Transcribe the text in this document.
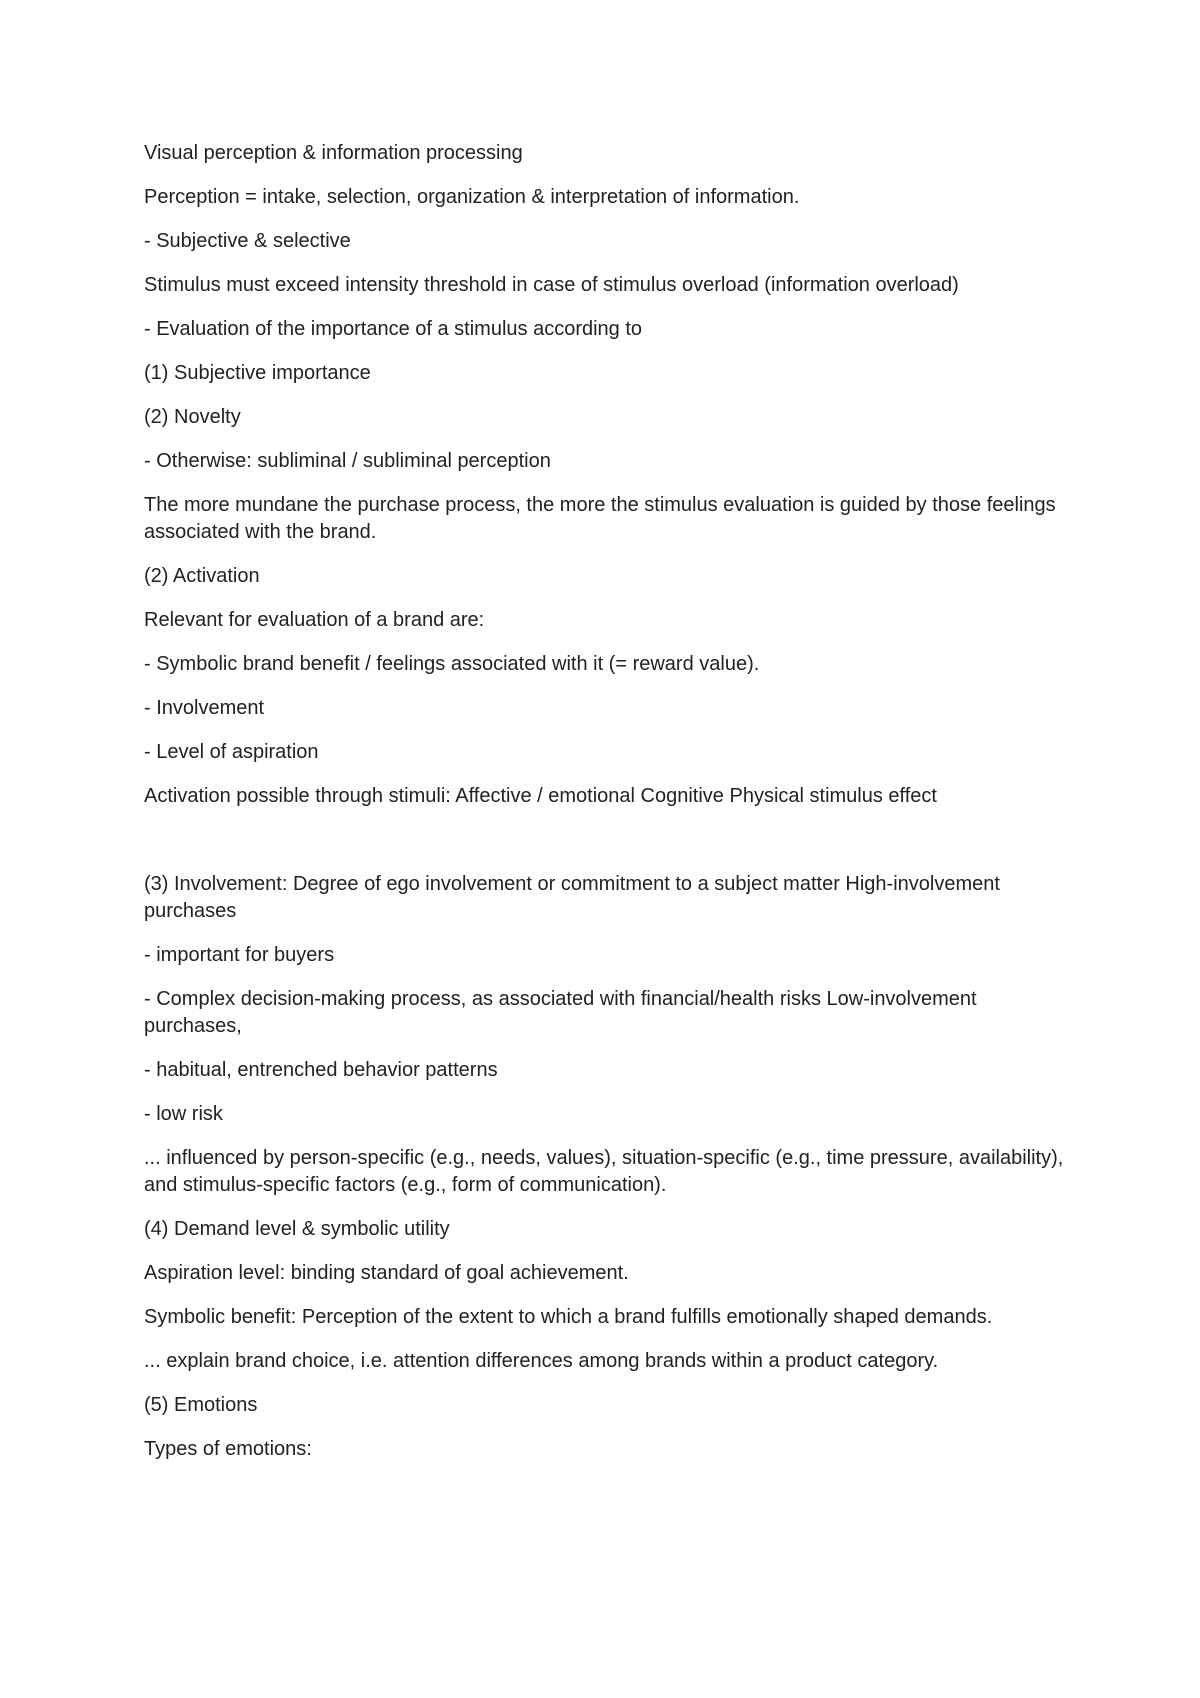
Visual perception & information processing

Perception = intake, selection, organization & interpretation of information.

- Subjective & selective

Stimulus must exceed intensity threshold in case of stimulus overload (information overload)

- Evaluation of the importance of a stimulus according to

(1) Subjective importance

(2) Novelty

- Otherwise: subliminal / subliminal perception

The more mundane the purchase process, the more the stimulus evaluation is guided by those feelings associated with the brand.

(2) Activation

Relevant for evaluation of a brand are:

- Symbolic brand benefit / feelings associated with it (= reward value).

- Involvement

- Level of aspiration

Activation possible through stimuli: Affective / emotional Cognitive Physical stimulus effect

(3) Involvement: Degree of ego involvement or commitment to a subject matter High-involvement purchases

- important for buyers

- Complex decision-making process, as associated with financial/health risks Low-involvement purchases,

- habitual, entrenched behavior patterns

- low risk

... influenced by person-specific (e.g., needs, values), situation-specific (e.g., time pressure, availability), and stimulus-specific factors (e.g., form of communication).

(4) Demand level & symbolic utility

Aspiration level: binding standard of goal achievement.

Symbolic benefit: Perception of the extent to which a brand fulfills emotionally shaped demands.

... explain brand choice, i.e. attention differences among brands within a product category.

(5) Emotions

Types of emotions:
